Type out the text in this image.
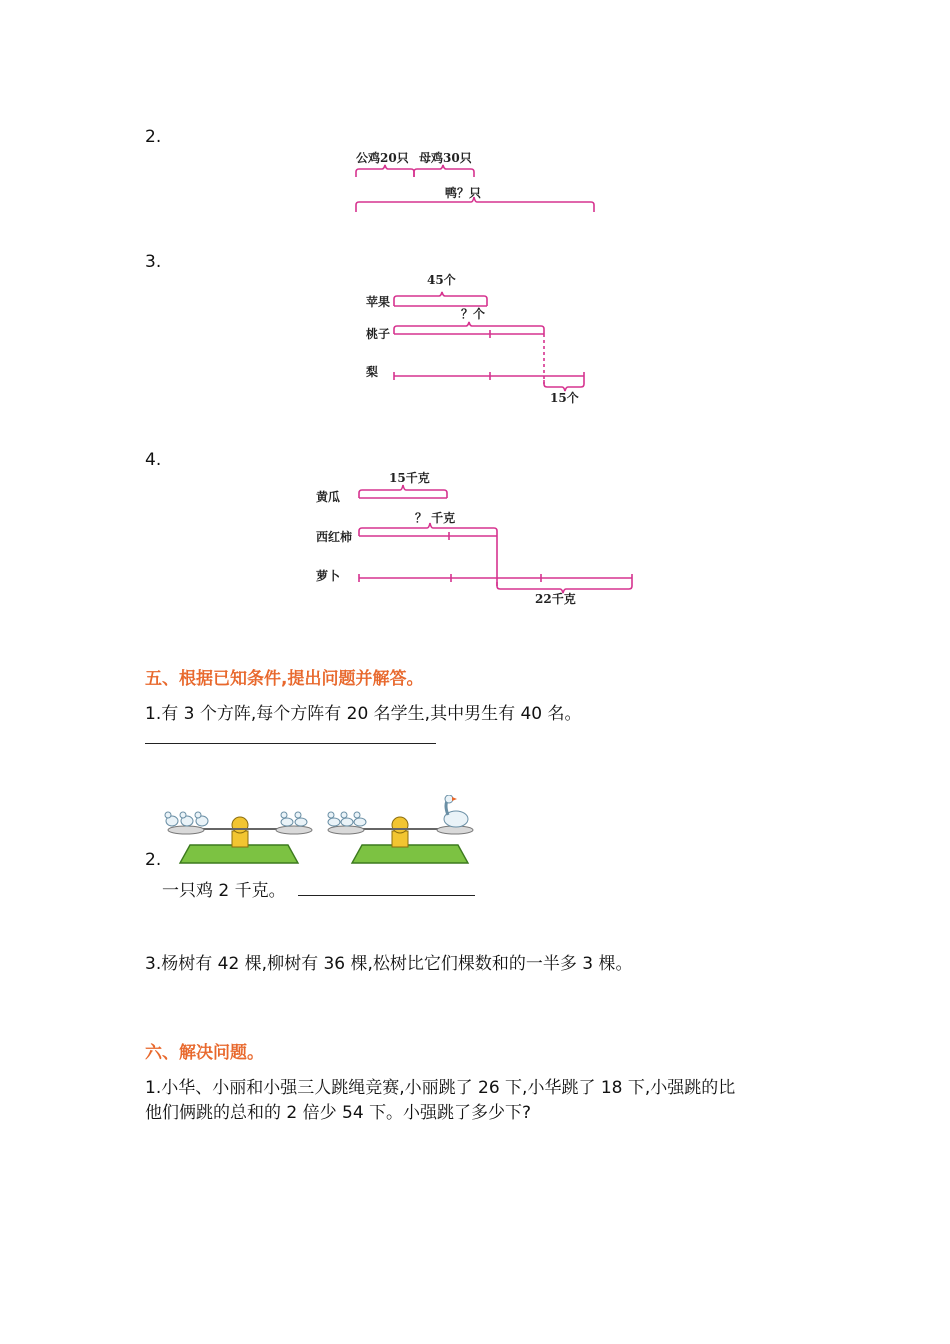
2.
3.
4.
公鸡20只 母鸡30只
鸭？只
45个
？个
15个
苹果
桃子
梨
15千克
？ 千克
22千克
黄瓜
西红柿
萝卜
五、根据已知条件,提出问题并解答。
1.有 3 个方阵,每个方阵有 20 名学生,其中男生有 40 名。
2.
一只鸡 2 千克。
3.杨树有 42 棵,柳树有 36 棵,松树比它们棵数和的一半多 3 棵。
六、解决问题。
1.小华、小丽和小强三人跳绳竞赛,小丽跳了 26 下,小华跳了 18 下,小强跳的比
他们俩跳的总和的 2 倍少 54 下。小强跳了多少下?
